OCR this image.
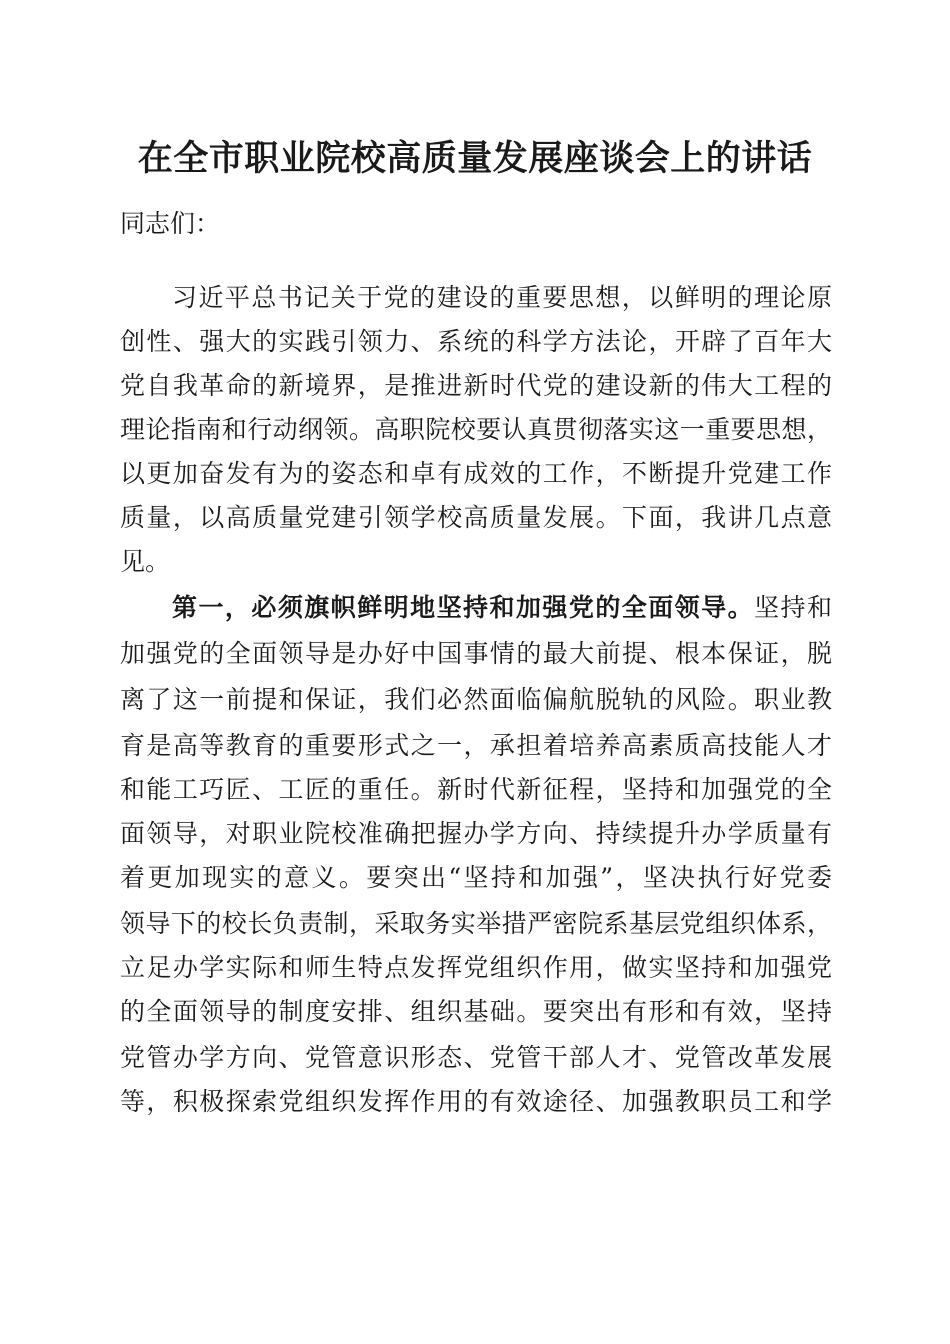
在全市职业院校高质量发展座谈会上的讲话
同志们：
习近平总书记关于党的建设的重要思想，以鲜明的理论原
创性、强大的实践引领力、系统的科学方法论，开辟了百年大
党自我革命的新境界，是推进新时代党的建设新的伟大工程的
理论指南和行动纲领。高职院校要认真贯彻落实这一重要思想，
以更加奋发有为的姿态和卓有成效的工作，不断提升党建工作
质量，以高质量党建引领学校高质量发展。下面，我讲几点意
见。
第一，必须旗帜鲜明地坚持和加强党的全面领导。坚持和
加强党的全面领导是办好中国事情的最大前提、根本保证，脱
离了这一前提和保证，我们必然面临偏航脱轨的风险。职业教
育是高等教育的重要形式之一，承担着培养高素质高技能人才
和能工巧匠、工匠的重任。新时代新征程，坚持和加强党的全
面领导，对职业院校准确把握办学方向、持续提升办学质量有
着更加现实的意义。要突出“坚持和加强”，坚决执行好党委
领导下的校长负责制，采取务实举措严密院系基层党组织体系，
立足办学实际和师生特点发挥党组织作用，做实坚持和加强党
的全面领导的制度安排、组织基础。要突出有形和有效，坚持
党管办学方向、党管意识形态、党管干部人才、党管改革发展
等，积极探索党组织发挥作用的有效途径、加强教职员工和学
